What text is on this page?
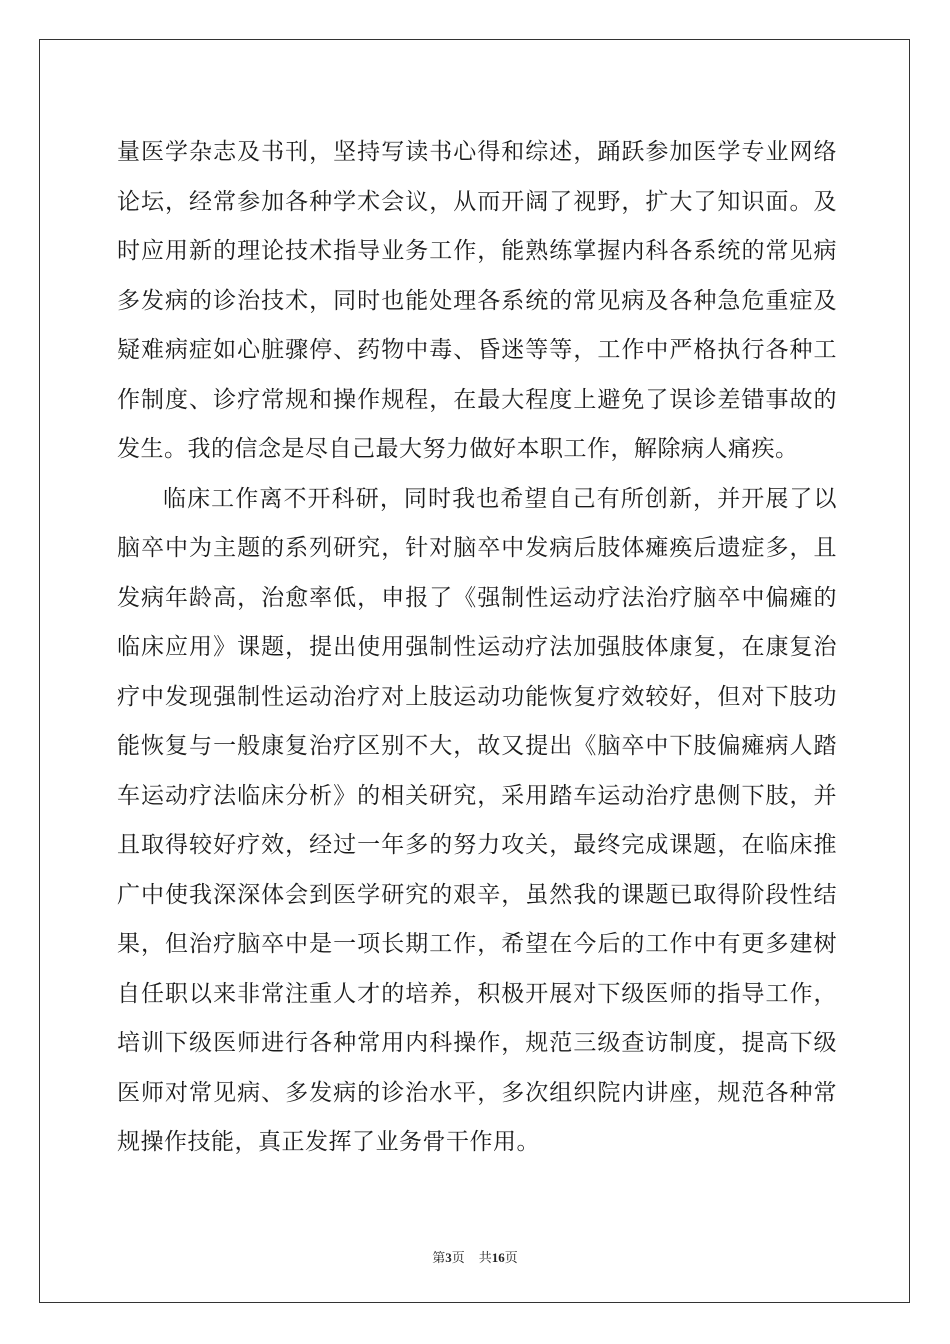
量医学杂志及书刊，坚持写读书心得和综述，踊跃参加医学专业网络
论坛，经常参加各种学术会议，从而开阔了视野，扩大了知识面。及
时应用新的理论技术指导业务工作，能熟练掌握内科各系统的常见病
多发病的诊治技术，同时也能处理各系统的常见病及各种急危重症及
疑难病症如心脏骤停、药物中毒、昏迷等等，工作中严格执行各种工
作制度、诊疗常规和操作规程，在最大程度上避免了误诊差错事故的
发生。我的信念是尽自己最大努力做好本职工作，解除病人痛疾。
临床工作离不开科研，同时我也希望自己有所创新，并开展了以
脑卒中为主题的系列研究，针对脑卒中发病后肢体瘫痪后遗症多，且
发病年龄高，治愈率低，申报了《强制性运动疗法治疗脑卒中偏瘫的
临床应用》课题，提出使用强制性运动疗法加强肢体康复，在康复治
疗中发现强制性运动治疗对上肢运动功能恢复疗效较好，但对下肢功
能恢复与一般康复治疗区别不大，故又提出《脑卒中下肢偏瘫病人踏
车运动疗法临床分析》的相关研究，采用踏车运动治疗患侧下肢，并
且取得较好疗效，经过一年多的努力攻关，最终完成课题，在临床推
广中使我深深体会到医学研究的艰辛，虽然我的课题已取得阶段性结
果，但治疗脑卒中是一项长期工作，希望在今后的工作中有更多建树
自任职以来非常注重人才的培养，积极开展对下级医师的指导工作，
培训下级医师进行各种常用内科操作，规范三级查访制度，提高下级
医师对常见病、多发病的诊治水平，多次组织院内讲座，规范各种常
规操作技能，真正发挥了业务骨干作用。
第3页 共16页
